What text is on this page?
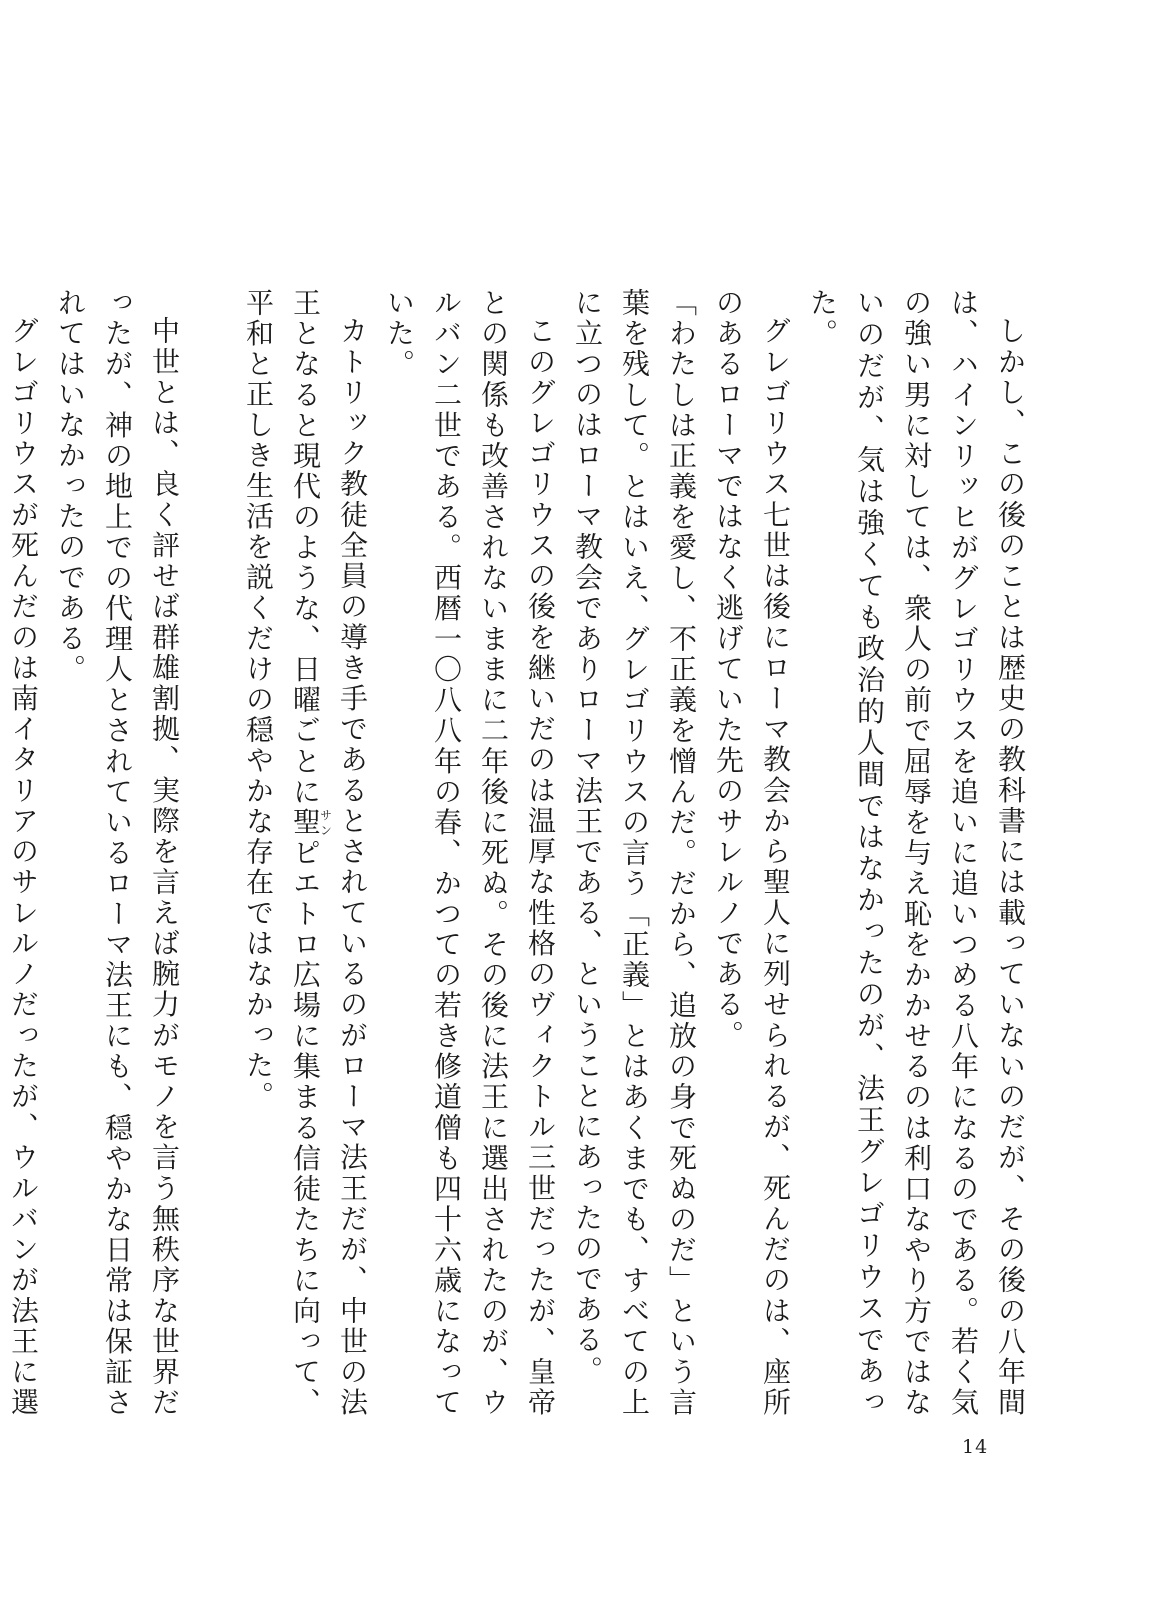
しかし、この後のことは歴史の教科書には載っていないのだが、その後の八年間は、ハインリッヒがグレゴリウスを追いに追いつめる八年になるのである。若く気の強い男に対しては、衆人の前で屈辱を与え恥をかかせるのは利口なやり方ではないのだが、気は強くても政治的人間ではなかったのが、法王グレゴリウスであった。

グレゴリウス七世は後にローマ教会から聖人に列せられるが、死んだのは、座所のあるローマではなく逃げていた先のサレルノである。

「わたしは正義を愛し、不正義を憎んだ。だから、追放の身で死ぬのだ」という言葉を残して。とはいえ、グレゴリウスの言う「正義」とはあくまでも、すべての上に立つのはローマ教会でありローマ法王である、ということにあったのである。

このグレゴリウスの後を継いだのは温厚な性格のヴィクトル三世だったが、皇帝との関係も改善されないままに二年後に死ぬ。その後に法王に選出されたのが、ウルバン二世である。西暦一〇八八年の春、かつての若き修道僧も四十六歳になっていた。

カトリック教徒全員の導き手であるとされているのがローマ法王だが、中世の法王となると現代のような、日曜ごとに聖サンピエトロ広場に集まる信徒たちに向って、平和と正しき生活を説くだけの穏やかな存在ではなかった。

中世とは、良く評せば群雄割拠、実際を言えば腕力がモノを言う無秩序な世界だったが、神の地上での代理人とされているローマ法王にも、穏やかな日常は保証されてはいなかったのである。

グレゴリウスが死んだのは南イタリアのサレルノだったが、ウルバンが法王に選

14
